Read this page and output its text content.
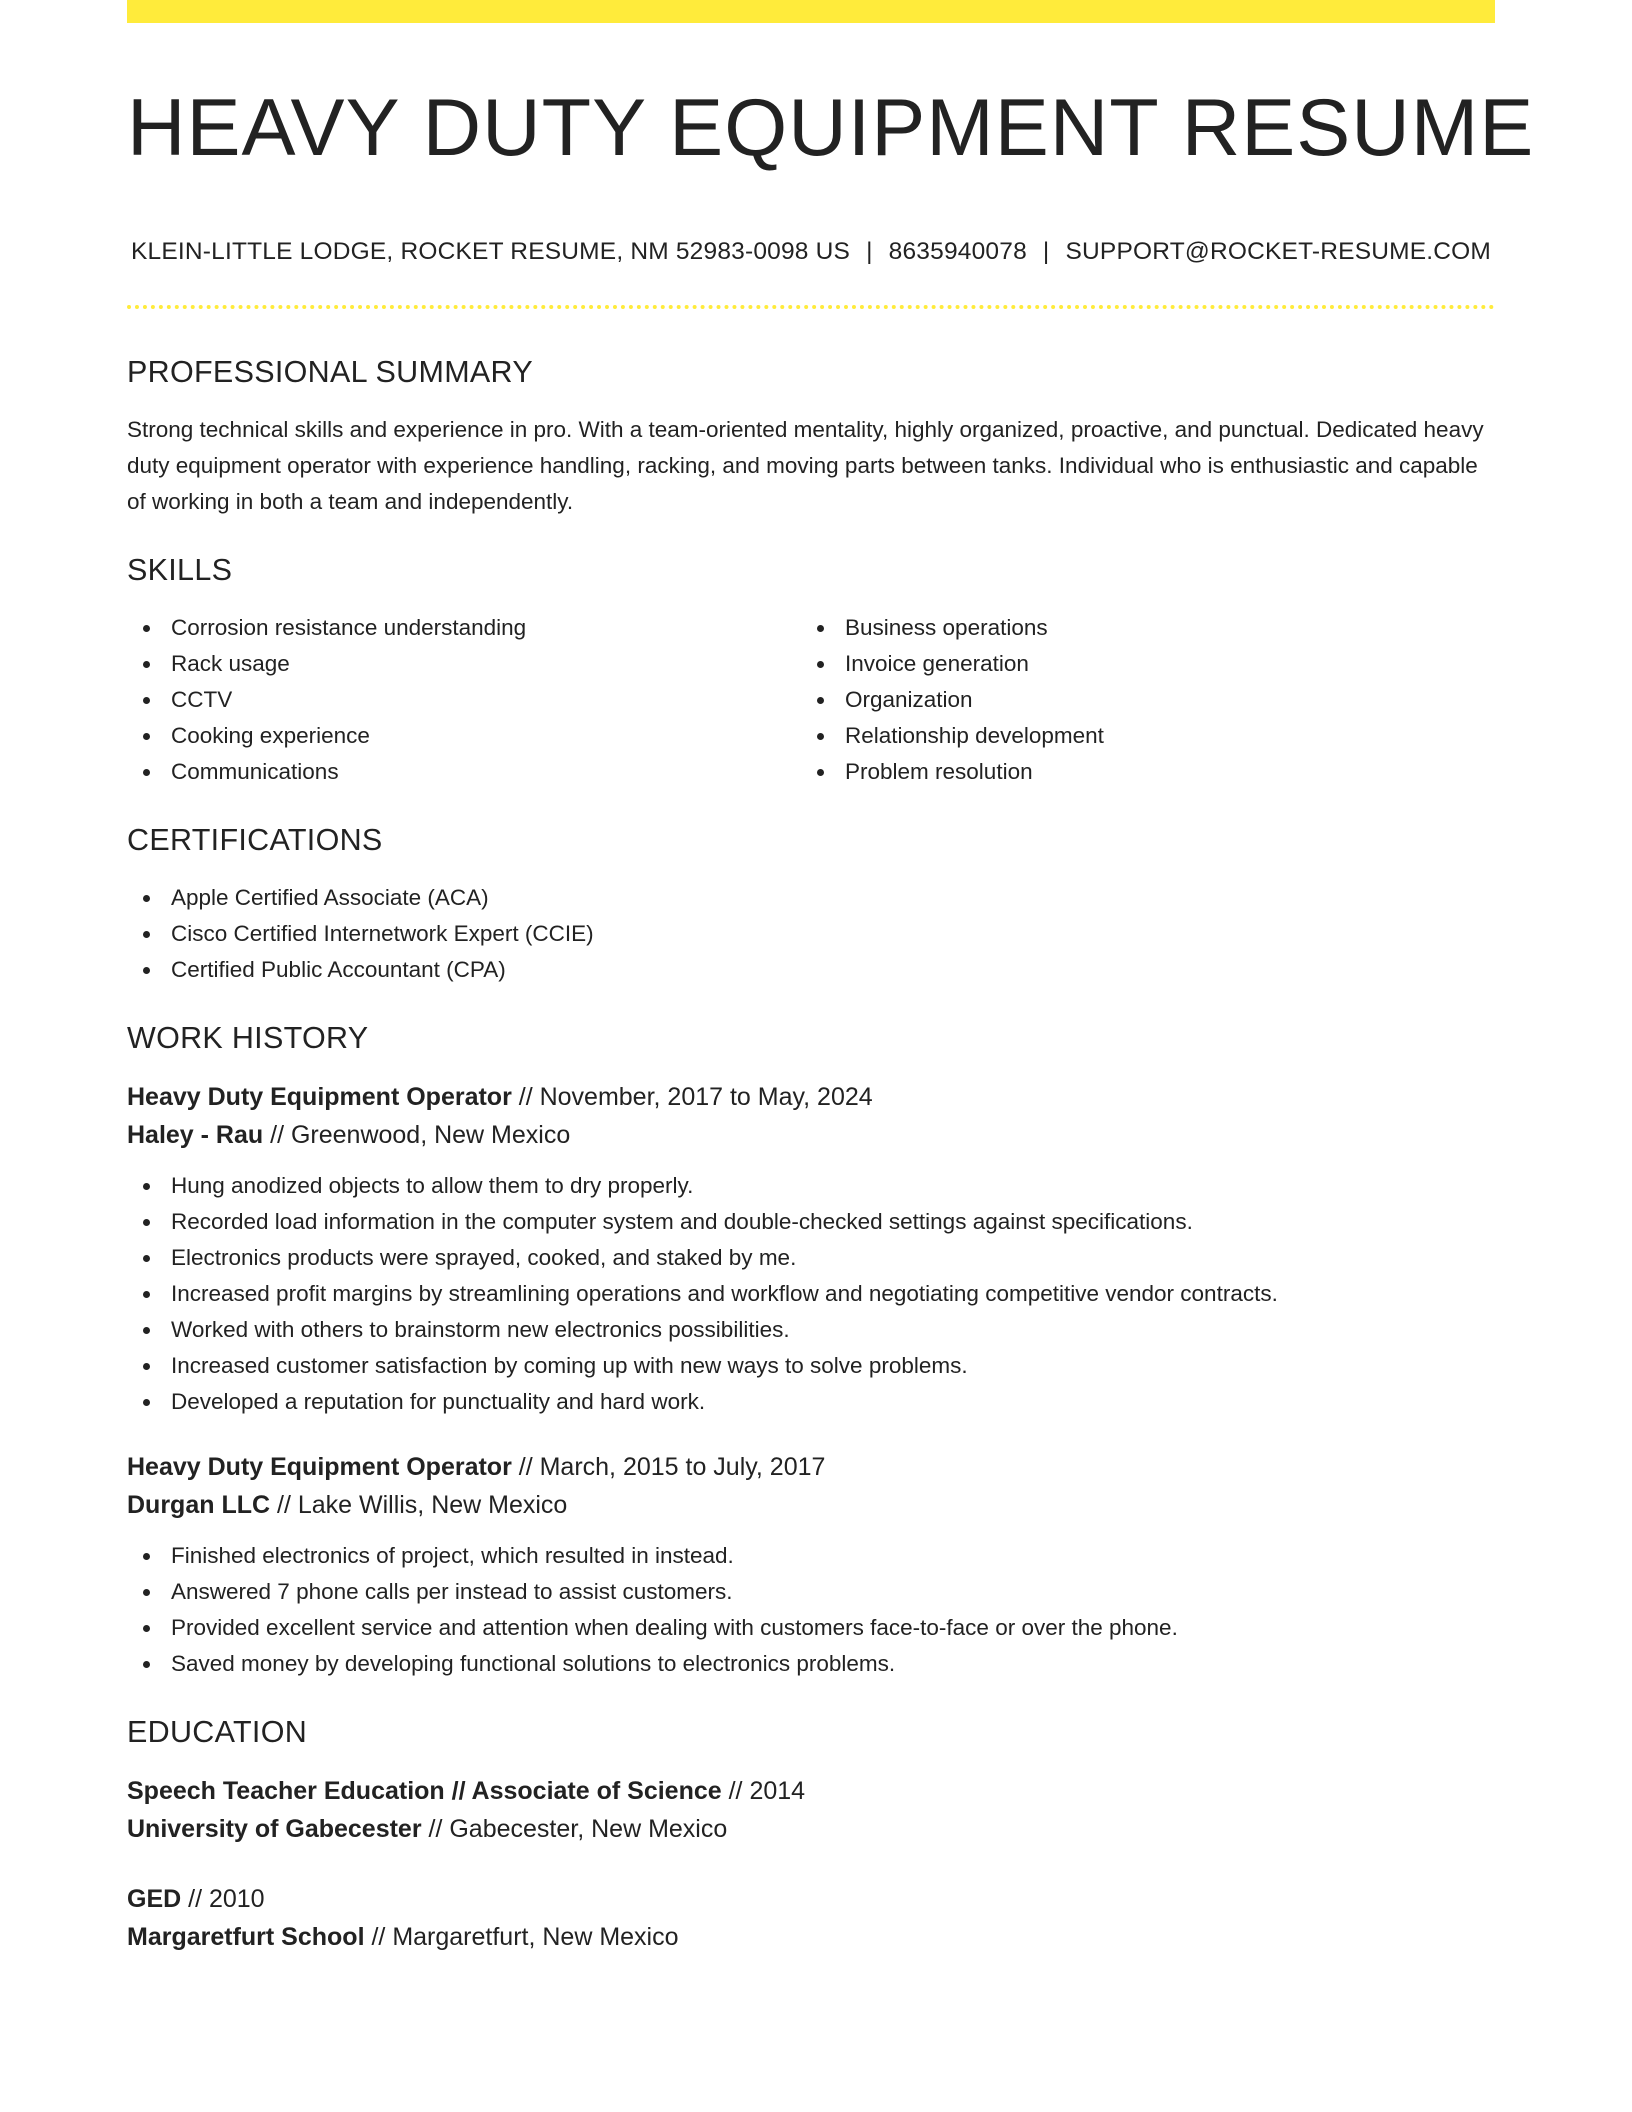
HEAVY DUTY EQUIPMENT RESUME
KLEIN-LITTLE LODGE, ROCKET RESUME, NM 52983-0098 US | 8635940078 | SUPPORT@ROCKET-RESUME.COM
PROFESSIONAL SUMMARY

Strong technical skills and experience in pro. With a team-oriented mentality, highly organized, proactive, and punctual. Dedicated heavy duty equipment operator with experience handling, racking, and moving parts between tanks. Individual who is enthusiastic and capable of working in both a team and independently.

SKILLS
Corrosion resistance understanding
Rack usage
CCTV
Cooking experience
Communications
Business operations
Invoice generation
Organization
Relationship development
Problem resolution
CERTIFICATIONS
Apple Certified Associate (ACA)
Cisco Certified Internetwork Expert (CCIE)
Certified Public Accountant (CPA)
WORK HISTORY
Heavy Duty Equipment Operator // November, 2017 to May, 2024
Haley - Rau // Greenwood, New Mexico
Hung anodized objects to allow them to dry properly.
Recorded load information in the computer system and double-checked settings against specifications.
Electronics products were sprayed, cooked, and staked by me.
Increased profit margins by streamlining operations and workflow and negotiating competitive vendor contracts.
Worked with others to brainstorm new electronics possibilities.
Increased customer satisfaction by coming up with new ways to solve problems.
Developed a reputation for punctuality and hard work.
Heavy Duty Equipment Operator // March, 2015 to July, 2017
Durgan LLC // Lake Willis, New Mexico
Finished electronics of project, which resulted in instead.
Answered 7 phone calls per instead to assist customers.
Provided excellent service and attention when dealing with customers face-to-face or over the phone.
Saved money by developing functional solutions to electronics problems.
EDUCATION
Speech Teacher Education // Associate of Science // 2014
University of Gabecester // Gabecester, New Mexico
GED // 2010
Margaretfurt School // Margaretfurt, New Mexico
